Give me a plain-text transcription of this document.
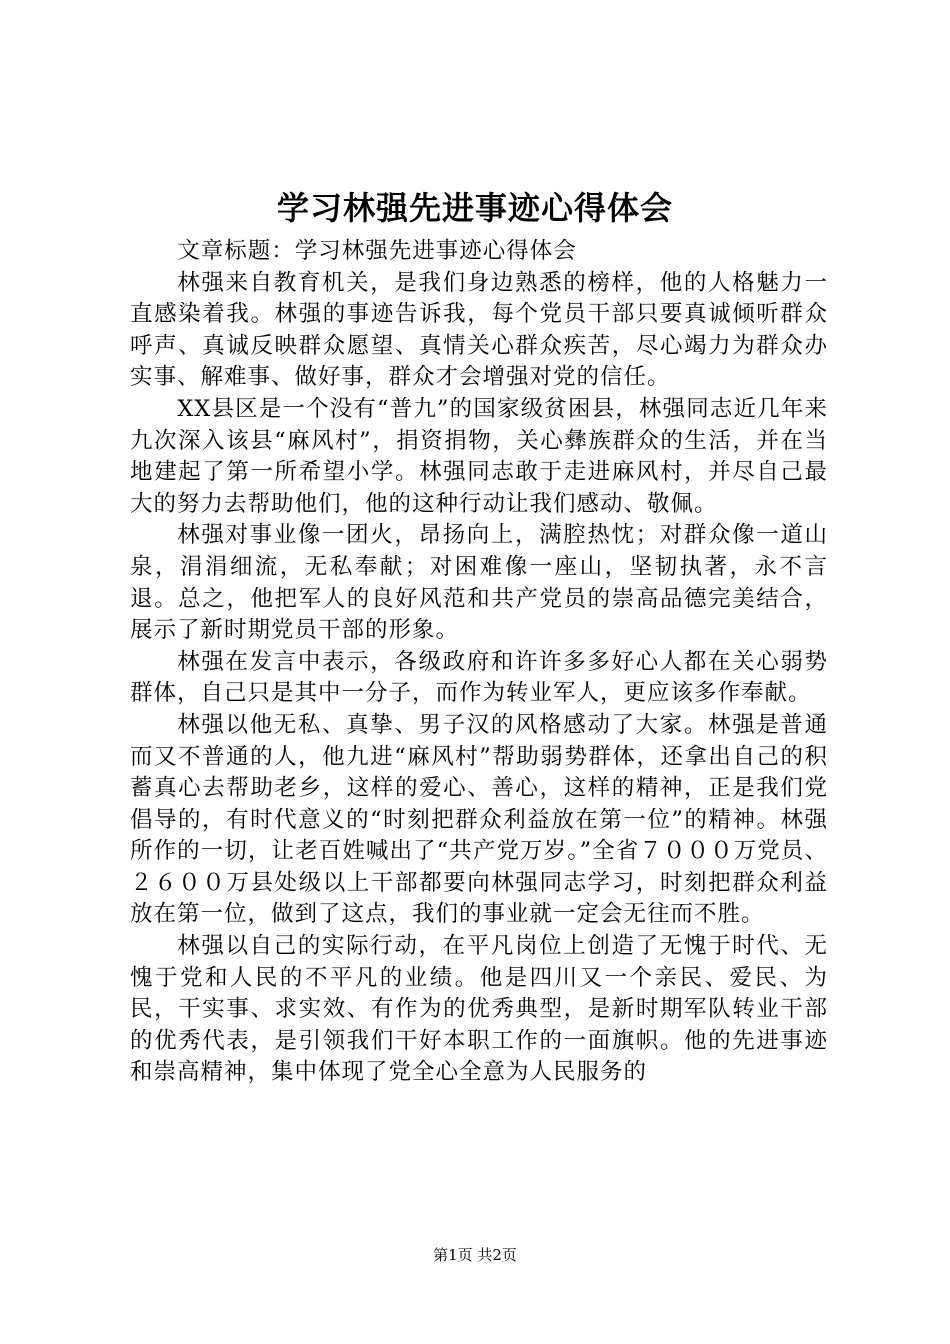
学习林强先进事迹心得体会

文章标题：学习林强先进事迹心得体会

林强来自教育机关，是我们身边熟悉的榜样，他的人格魅力一直感染着我。林强的事迹告诉我，每个党员干部只要真诚倾听群众呼声、真诚反映群众愿望、真情关心群众疾苦，尽心竭力为群众办实事、解难事、做好事，群众才会增强对党的信任。

XX县区是一个没有“普九”的国家级贫困县，林强同志近几年来九次深入该县“麻风村”，捐资捐物，关心彝族群众的生活，并在当地建起了第一所希望小学。林强同志敢于走进麻风村，并尽自己最大的努力去帮助他们，他的这种行动让我们感动、敬佩。

林强对事业像一团火，昂扬向上，满腔热忱；对群众像一道山泉，涓涓细流，无私奉献；对困难像一座山，坚韧执著，永不言退。总之，他把军人的良好风范和共产党员的崇高品德完美结合，展示了新时期党员干部的形象。

林强在发言中表示，各级政府和许许多多好心人都在关心弱势群体，自己只是其中一分子，而作为转业军人，更应该多作奉献。

林强以他无私、真挚、男子汉的风格感动了大家。林强是普通而又不普通的人，他九进“麻风村”帮助弱势群体，还拿出自己的积蓄真心去帮助老乡，这样的爱心、善心，这样的精神，正是我们党倡导的，有时代意义的“时刻把群众利益放在第一位”的精神。林强所作的一切，让老百姓喊出了“共产党万岁。”全省７０００万党员、２６００万县处级以上干部都要向林强同志学习，时刻把群众利益放在第一位，做到了这点，我们的事业就一定会无往而不胜。

林强以自己的实际行动，在平凡岗位上创造了无愧于时代、无愧于党和人民的不平凡的业绩。他是四川又一个亲民、爱民、为民，干实事、求实效、有作为的优秀典型，是新时期军队转业干部的优秀代表，是引领我们干好本职工作的一面旗帜。他的先进事迹和崇高精神，集中体现了党全心全意为人民服务的

第1页 共2页
